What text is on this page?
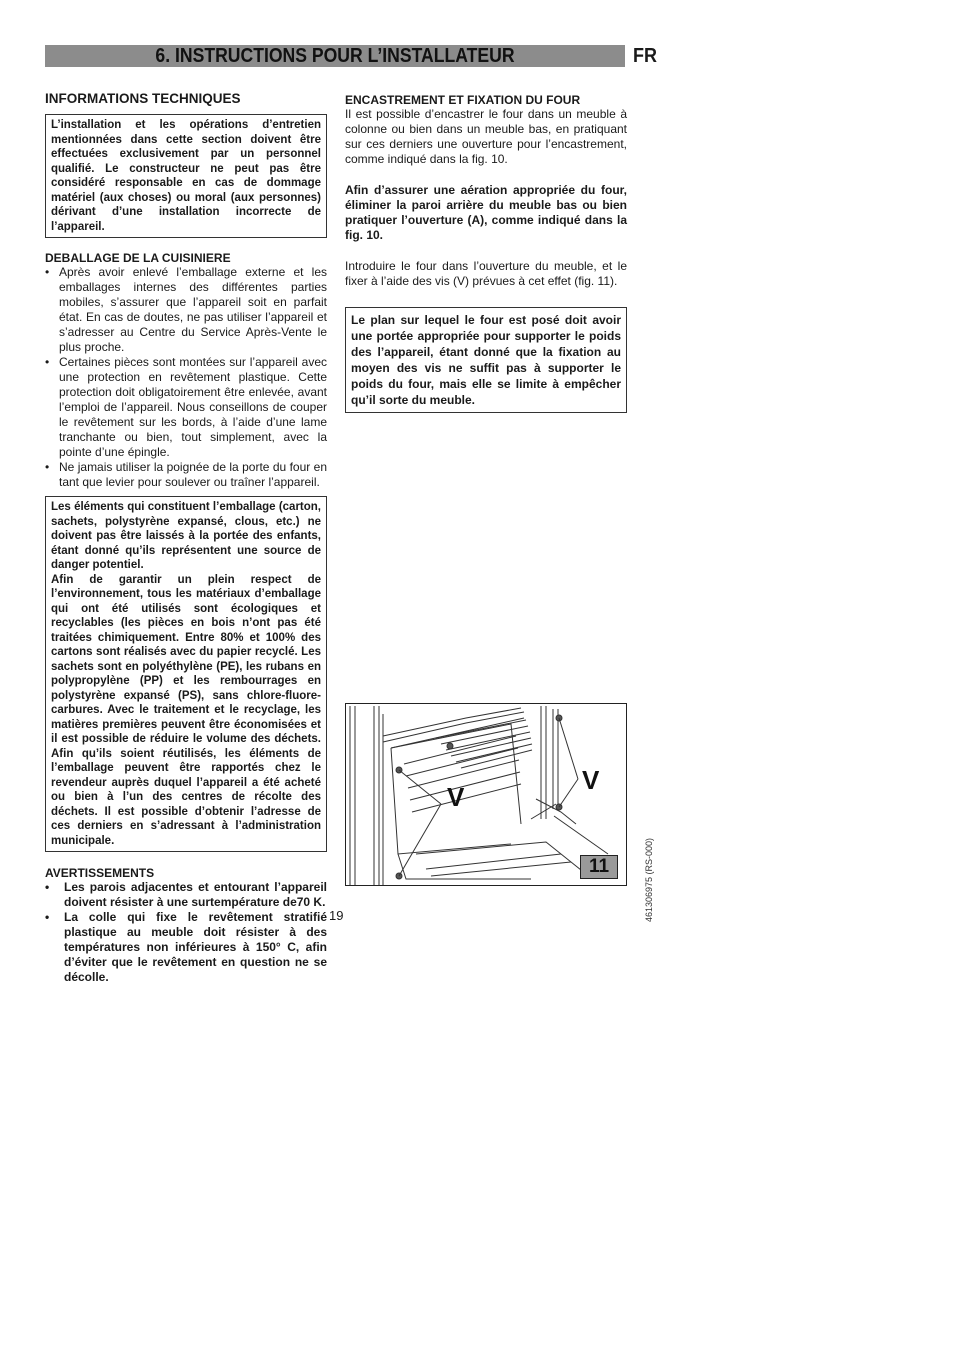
6. INSTRUCTIONS POUR L’INSTALLATEUR	FR
INFORMATIONS TECHNIQUES
L’installation et les opérations d’entretien mentionnées dans cette section doivent être effectuées exclusivement par un personnel qualifié. Le constructeur ne peut pas être considéré responsable en cas de dommage matériel (aux choses) ou moral (aux personnes) dérivant d’une installation incorrecte de l’appareil.
DEBALLAGE DE LA CUISINIERE
• Après avoir enlevé l’emballage externe et les emballages internes des différentes parties mobiles, s’assurer que l’appareil soit en parfait état. En cas de doutes, ne pas utiliser l’appareil et s’adresser au Centre du Service Après-Vente le plus proche.
• Certaines pièces sont montées sur l’appareil avec une protection en revêtement plastique. Cette protection doit obligatoirement être enlevée, avant l’emploi de l’appareil. Nous conseillons de couper le revêtement sur les bords, à l’aide d’une lame tranchante ou bien, tout simplement, avec la pointe d’une épingle.
• Ne jamais utiliser la poignée de la porte du four en tant que levier pour soulever ou traîner l’appareil.
Les éléments qui constituent l’emballage (carton, sachets, polystyrène expansé, clous, etc.) ne doivent pas être laissés à la portée des enfants, étant donné qu’ils représentent une source de danger potentiel.
Afin de garantir un plein respect de l’environnement, tous les matériaux d’emballage qui ont été utilisés sont écologiques et recyclables (les pièces en bois n’ont pas été traitées chimiquement. Entre 80% et 100% des cartons sont réalisés avec du papier recyclé. Les sachets sont en polyéthylène (PE), les rubans en polypropylène (PP) et les rembourrages en polystyrène expansé (PS), sans chlore-fluore-carbures. Avec le traitement et le recyclage, les matières premières peuvent être économisées et il est possible de réduire le volume des déchets. Afin qu’ils soient réutilisés, les éléments de l’emballage peuvent être rapportés chez le revendeur auprès duquel l’appareil a été acheté ou bien à l’un des centres de récolte des déchets. Il est possible d’obtenir l’adresse de ces derniers en s’adressant à l’administration municipale.
AVERTISSEMENTS
• Les parois adjacentes et entourant l’appareil doivent résister à une surtempérature de70 K.
• La colle qui fixe le revêtement stratifié plastique au meuble doit résister à des températures non inférieures à 150° C, afin d’éviter que le revêtement en question ne se décolle.
ENCASTREMENT ET FIXATION DU FOUR

Il est possible d’encastrer le four dans un meuble à colonne ou bien dans un meuble bas, en pratiquant sur ces derniers une ouverture pour l’encastrement, comme indiqué dans la fig. 10.

Afin d’assurer une aération appropriée du four, éliminer la paroi arrière du meuble bas ou bien pratiquer l’ouverture (A), comme indiqué dans la fig. 10.

Introduire le four dans l’ouverture du meuble, et le fixer à l’aide des vis (V) prévues à cet effet (fig. 11).

Le plan sur lequel le four est posé doit avoir une portée appropriée pour supporter le poids des l’appareil, étant donné que la fixation au moyen des vis ne suffit pas à supporter le poids du four, mais elle se limite à empêcher qu’il sorte du meuble.
V
V
11
19	461306975 (RS-000)
